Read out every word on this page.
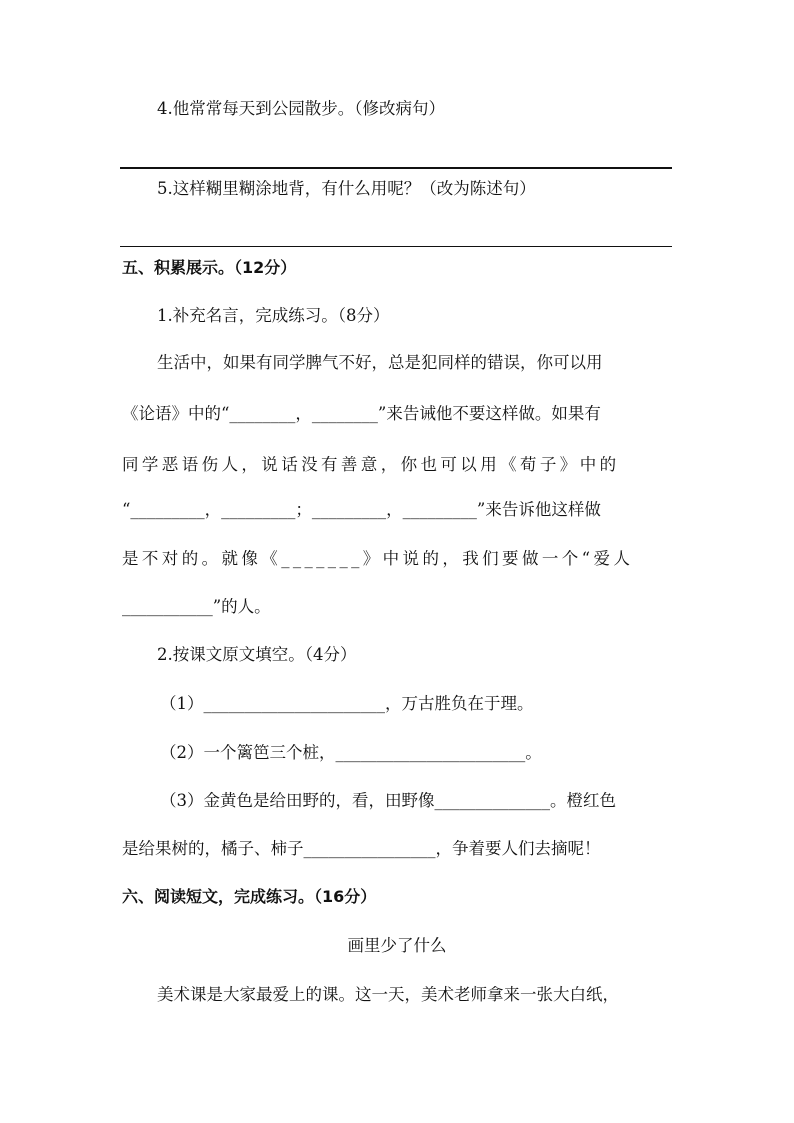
4.他常常每天到公园散步。（修改病句）
5.这样糊里糊涂地背，有什么用呢？（改为陈述句）
五、积累展示。（12分）
1.补充名言，完成练习。（8分）
生活中，如果有同学脾气不好，总是犯同样的错误，你可以用
《论语》中的“________，________”来告诫他不要这样做。如果有
同学恶语伤人，说话没有善意，你也可以用《荀子》中的
“_________，_________；_________，_________”来告诉他这样做
是不对的。就像《_______》中说的，我们要做一个“爱人
___________”的人。
2.按课文原文填空。（4分）
（1）______________________，万古胜负在于理。
（2）一个篱笆三个桩，_______________________。
（3）金黄色是给田野的，看，田野像______________。橙红色
是给果树的，橘子、柿子________________，争着要人们去摘呢！
六、阅读短文，完成练习。（16分）
画里少了什么
美术课是大家最爱上的课。这一天，美术老师拿来一张大白纸，
